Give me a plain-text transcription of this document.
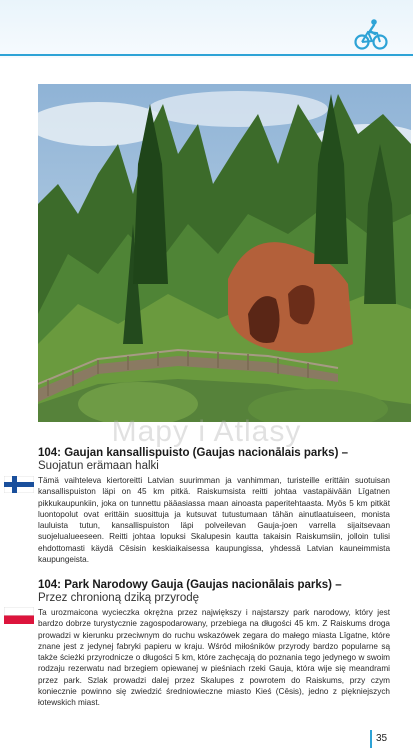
Mapy i Atlasy
104: Gaujan kansallispuisto (Gaujas nacionālais parks) –
Suojatun erämaan halki
Tämä vaihteleva kiertoreitti Latvian suurimman ja vanhimman, turisteille erittäin suotuisan kansallispuiston läpi on 45 km pitkä. Raiskumsista reitti johtaa vastapäivään Līgatnen pikkukaupunkiin, joka on tunnettu pääasiassa maan ainoasta paperitehtaasta. Myös 5 km pitkät luontopolut ovat erittäin suosittuja ja kutsuvat tutustumaan tähän ainutlaatuiseen, monista lauluista tutun, kansallispuiston läpi polveilevan Gauja-joen varrella sijaitsevaan suojelualueeseen. Reitti johtaa lopuksi Skalupesin kautta takaisin Raiskumsiin, jolloin tulisi ehdottomasti käydä Cēsisin keskiaikaisessa kaupungissa, yhdessä Latvian kauneimmista kaupungeista.
104: Park Narodowy Gauja (Gaujas nacionālais parks) –
Przez chronioną dziką przyrodę
Ta urozmaicona wycieczka okrężna przez największy i najstarszy park narodowy, który jest bardzo dobrze turystycznie zagospodarowany, przebiega na długości 45 km. Z Raiskums droga prowadzi w kierunku przeciwnym do ruchu wskazówek zegara do małego miasta Līgatne, które znane jest z jedynej fabryki papieru w kraju. Wśród miłośników przyrody bardzo popularne są także ścieżki przyrodnicze o długości 5 km, które zachęcają do poznania tego jedynego w swoim rodzaju rezerwatu nad brzegiem opiewanej w pieśniach rzeki Gauja, która wije się meandrami przez park. Szlak prowadzi dalej przez Skalupes z powrotem do Raiskums, przy czym koniecznie powinno się zwiedzić średniowieczne miasto Kieś (Cēsis), jedno z piękniejszych łotewskich miast.
35
